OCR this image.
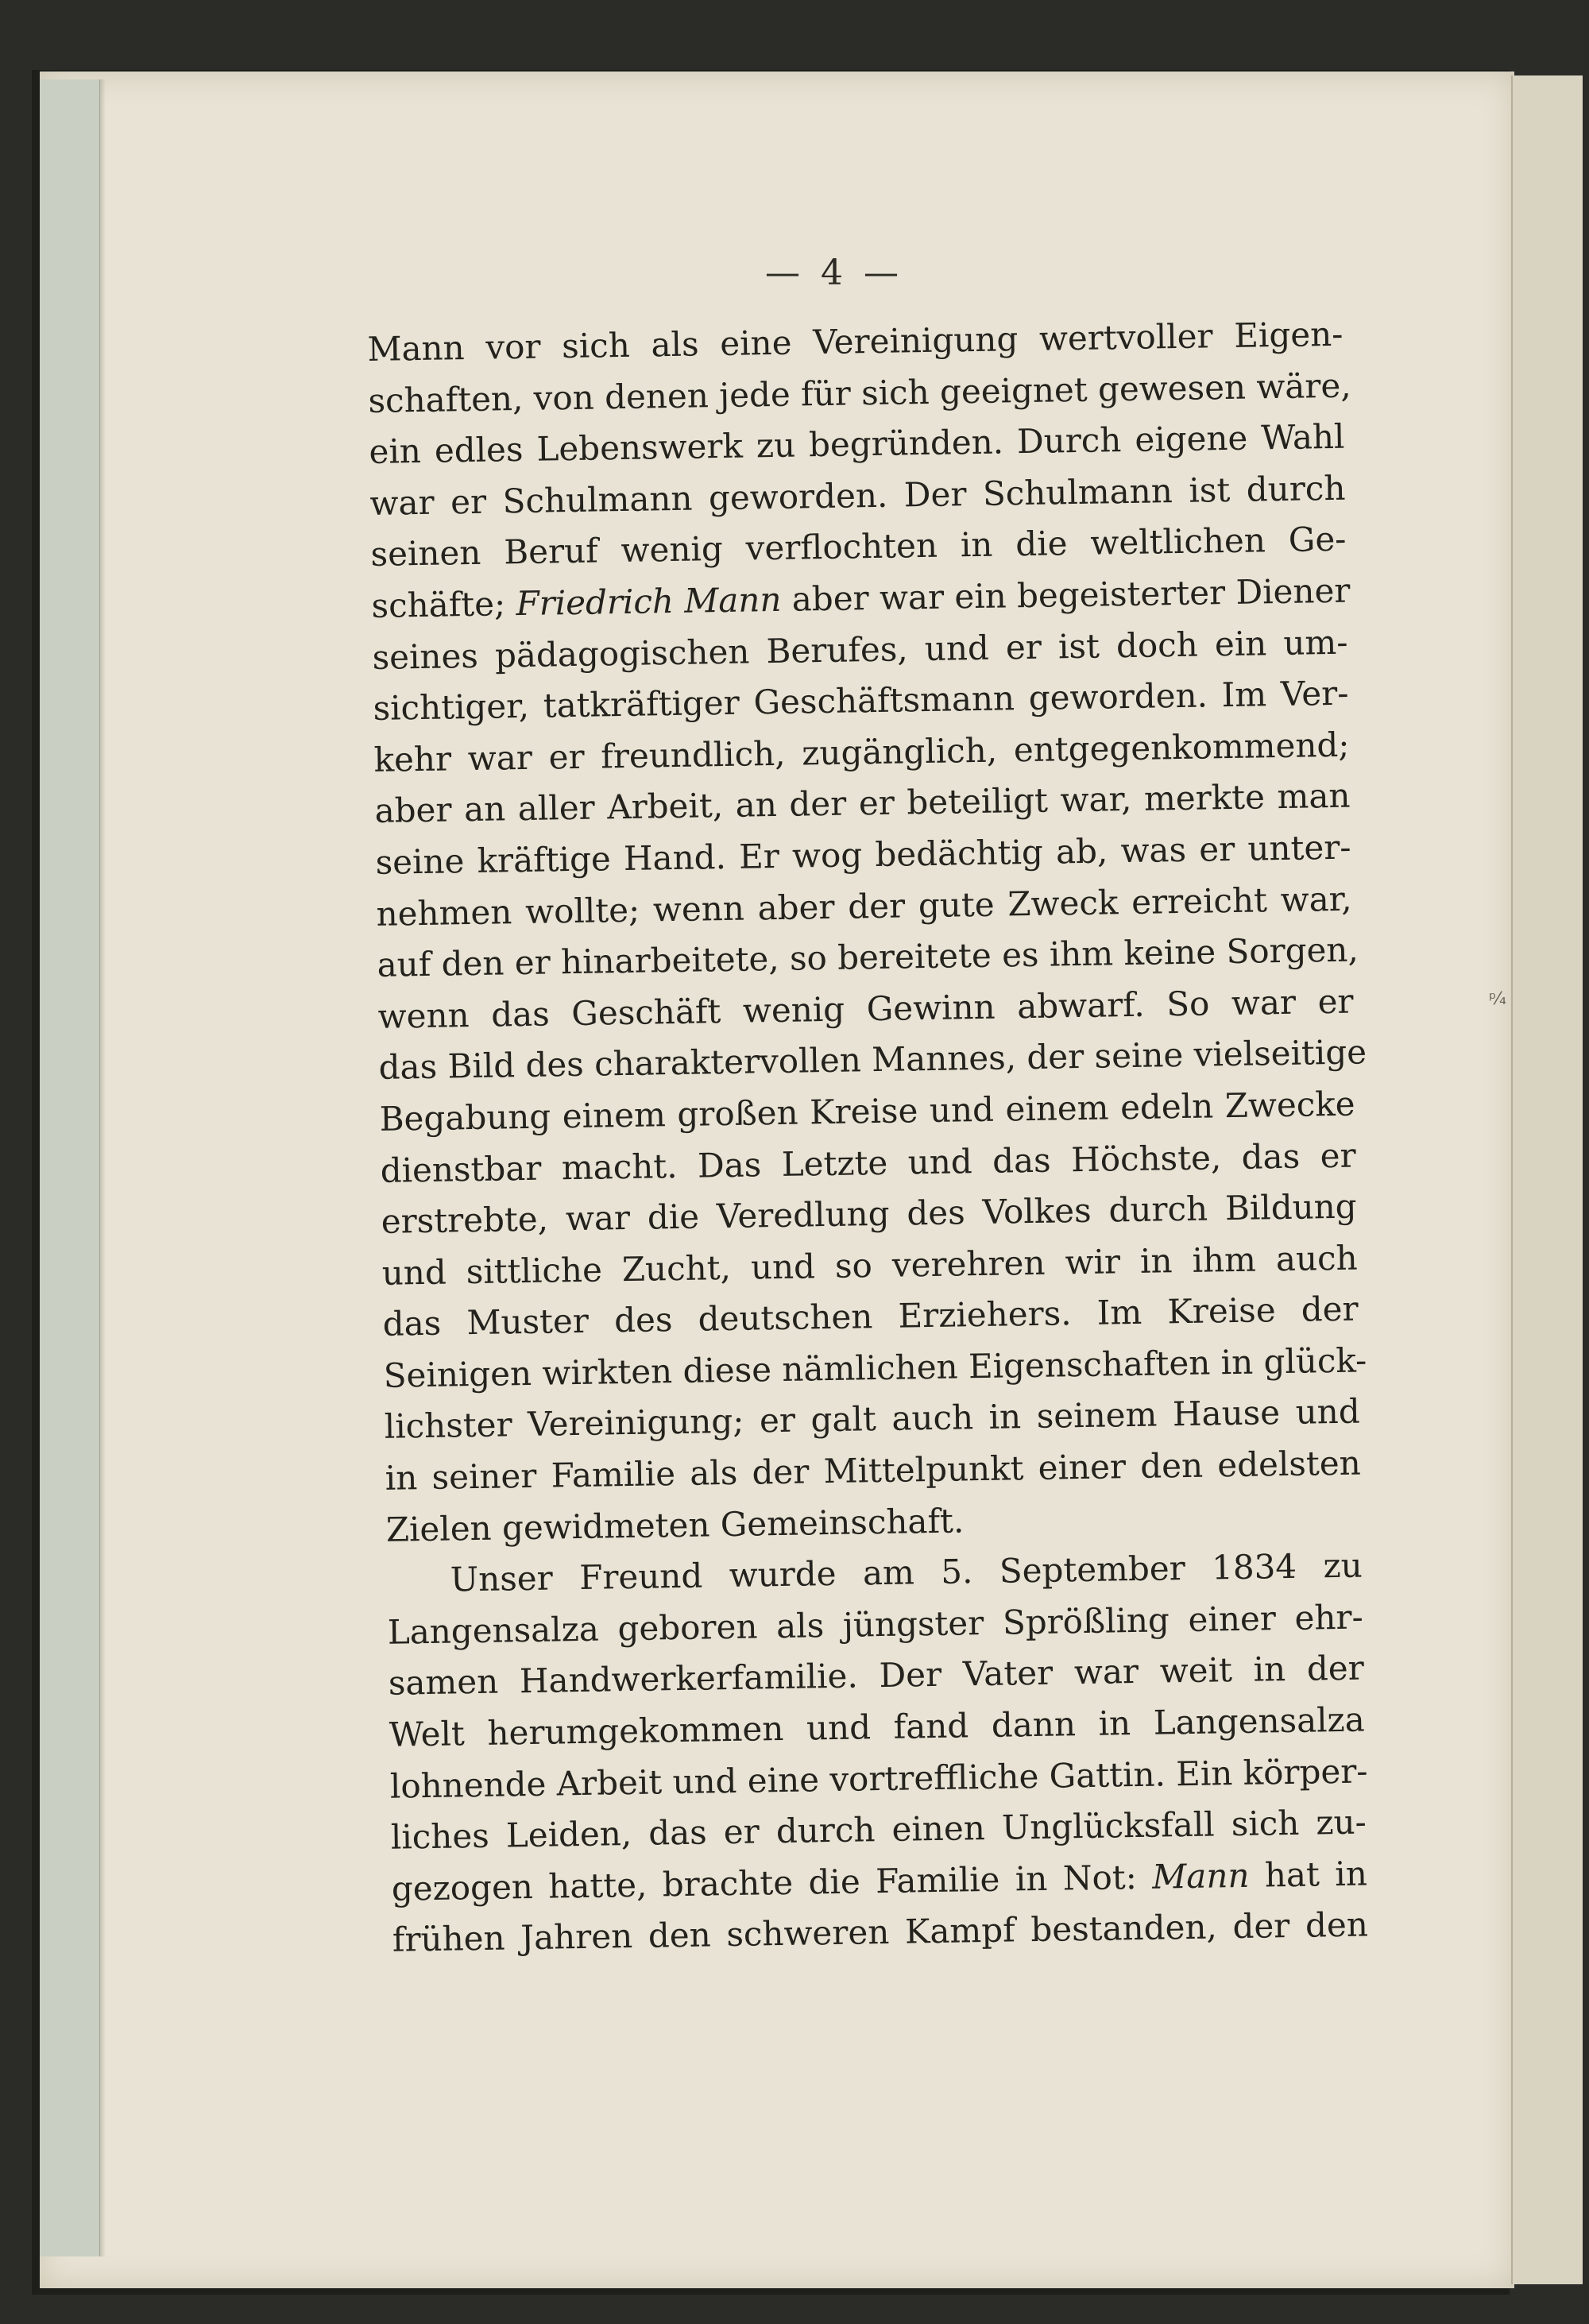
— 4 —
Mann vor sich als eine Vereinigung wertvoller Eigen-
schaften, von denen jede für sich geeignet gewesen wäre,
ein edles Lebenswerk zu begründen. Durch eigene Wahl
war er Schulmann geworden. Der Schulmann ist durch
seinen Beruf wenig verflochten in die weltlichen Ge-
schäfte; Friedrich Mann aber war ein begeisterter Diener
seines pädagogischen Berufes, und er ist doch ein um-
sichtiger, tatkräftiger Geschäftsmann geworden. Im Ver-
kehr war er freundlich, zugänglich, entgegenkommend;
aber an aller Arbeit, an der er beteiligt war, merkte man
seine kräftige Hand. Er wog bedächtig ab, was er unter-
nehmen wollte; wenn aber der gute Zweck erreicht war,
auf den er hinarbeitete, so bereitete es ihm keine Sorgen,
wenn das Geschäft wenig Gewinn abwarf. So war er
das Bild des charaktervollen Mannes, der seine vielseitige
Begabung einem großen Kreise und einem edeln Zwecke
dienstbar macht. Das Letzte und das Höchste, das er
erstrebte, war die Veredlung des Volkes durch Bildung
und sittliche Zucht, und so verehren wir in ihm auch
das Muster des deutschen Erziehers. Im Kreise der
Seinigen wirkten diese nämlichen Eigenschaften in glück-
lichster Vereinigung; er galt auch in seinem Hause und
in seiner Familie als der Mittelpunkt einer den edelsten
Zielen gewidmeten Gemeinschaft.
Unser Freund wurde am 5. September 1834 zu
Langensalza geboren als jüngster Sprößling einer ehr-
samen Handwerkerfamilie. Der Vater war weit in der
Welt herumgekommen und fand dann in Langensalza
lohnende Arbeit und eine vortreffliche Gattin. Ein körper-
liches Leiden, das er durch einen Unglücksfall sich zu-
gezogen hatte, brachte die Familie in Not: Mann hat in
frühen Jahren den schweren Kampf bestanden, der den
ᵖ⁄₄
